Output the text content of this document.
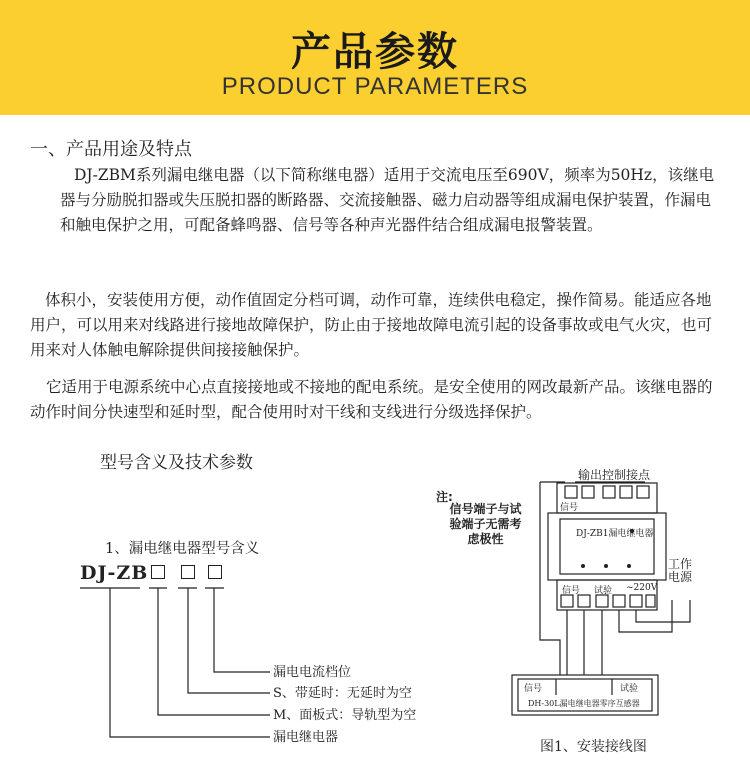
产品参数
PRODUCT PARAMETERS
一、产品用途及特点

DJ-ZBM系列漏电继电器（以下简称继电器）适用于交流电压至690V，频率为50Hz，该继电器与分励脱扣器或失压脱扣器的断路器、交流接触器、磁力启动器等组成漏电保护装置，作漏电和触电保护之用，可配备蜂鸣器、信号等各种声光器件结合组成漏电报警装置。

体积小，安装使用方便，动作值固定分档可调，动作可靠，连续供电稳定，操作简易。能适应各地用户，可以用来对线路进行接地故障保护，防止由于接地故障电流引起的设备事故或电气火灾，也可用来对人体触电解除提供间接接触保护。

它适用于电源系统中心点直接接地或不接地的配电系统。是安全使用的网改最新产品。该继电器的动作时间分快速型和延时型，配合使用时对干线和支线进行分级选择保护。

型号含义及技术参数
1、漏电继电器型号含义
DJ-ZB
漏电电流档位
S、带延时：无延时为空
M、面板式：导轨型为空
漏电继电器
注:
信号端子与试验端子无需考虑极性
输出控制接点
信号
DJ-ZB1漏电继电器
信号 试验 ~220V
工作
电源
信号	试验
DH-30L漏电继电器零序互感器
图1、安装接线图
